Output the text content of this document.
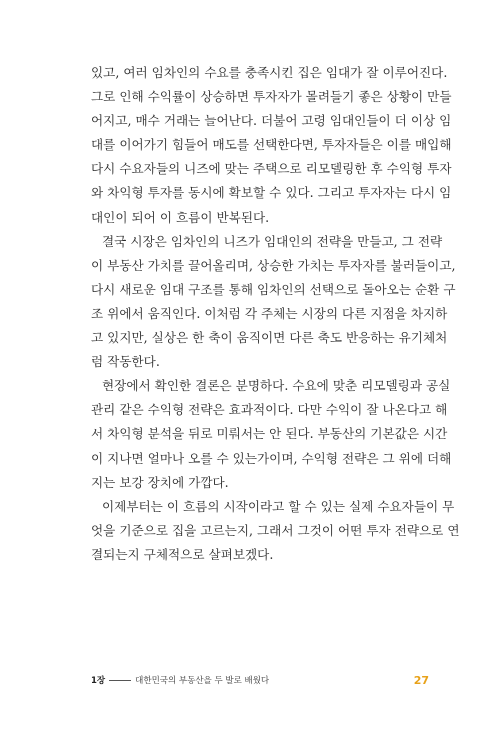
있고, 여러 임차인의 수요를 충족시킨 집은 임대가 잘 이루어진다.
그로 인해 수익률이 상승하면 투자자가 몰려들기 좋은 상황이 만들
어지고, 매수 거래는 늘어난다. 더불어 고령 임대인들이 더 이상 임
대를 이어가기 힘들어 매도를 선택한다면, 투자자들은 이를 매입해
다시 수요자들의 니즈에 맞는 주택으로 리모델링한 후 수익형 투자
와 차익형 투자를 동시에 확보할 수 있다. 그리고 투자자는 다시 임
대인이 되어 이 흐름이 반복된다.
결국 시장은 임차인의 니즈가 임대인의 전략을 만들고, 그 전략
이 부동산 가치를 끌어올리며, 상승한 가치는 투자자를 불러들이고,
다시 새로운 임대 구조를 통해 임차인의 선택으로 돌아오는 순환 구
조 위에서 움직인다. 이처럼 각 주체는 시장의 다른 지점을 차지하
고 있지만, 실상은 한 축이 움직이면 다른 축도 반응하는 유기체처
럼 작동한다.
현장에서 확인한 결론은 분명하다. 수요에 맞춘 리모델링과 공실
관리 같은 수익형 전략은 효과적이다. 다만 수익이 잘 나온다고 해
서 차익형 분석을 뒤로 미뤄서는 안 된다. 부동산의 기본값은 시간
이 지나면 얼마나 오를 수 있는가이며, 수익형 전략은 그 위에 더해
지는 보강 장치에 가깝다.
이제부터는 이 흐름의 시작이라고 할 수 있는 실제 수요자들이 무
엇을 기준으로 집을 고르는지, 그래서 그것이 어떤 투자 전략으로 연
결되는지 구체적으로 살펴보겠다.
1장	대한민국의 부동산을 두 발로 배웠다	27
